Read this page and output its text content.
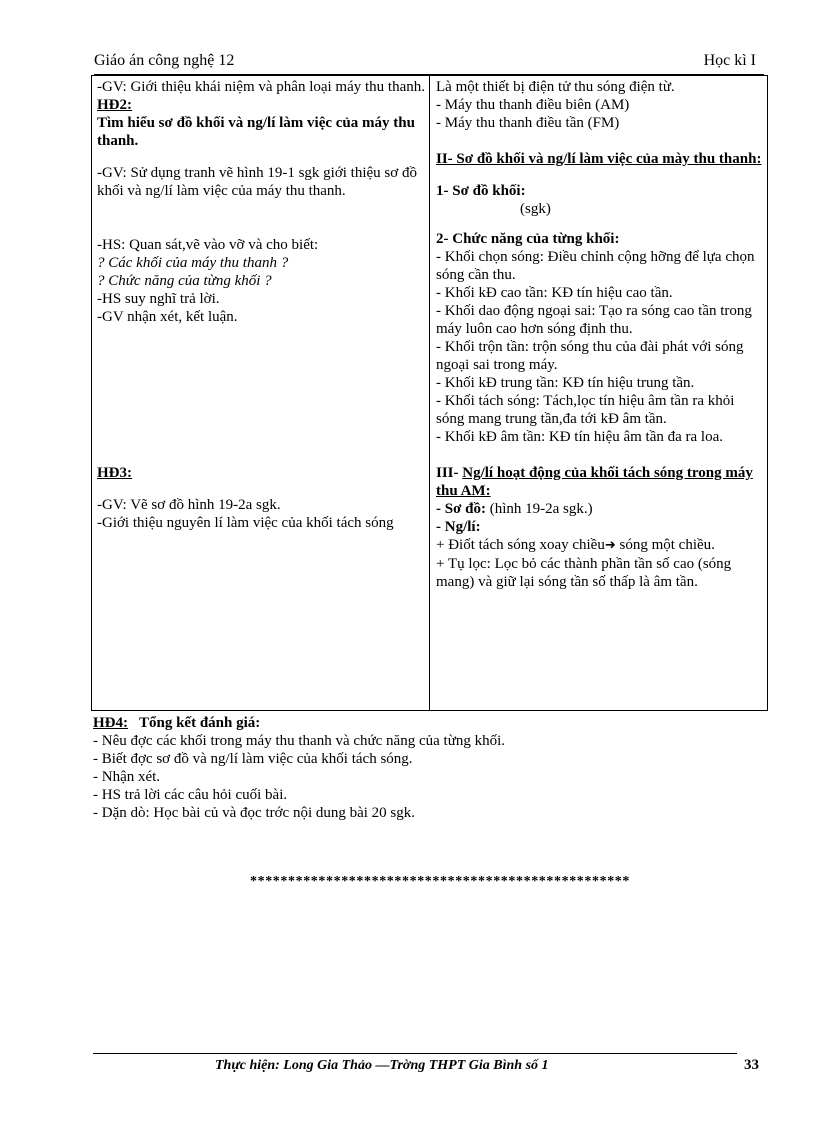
Giáo án công nghệ 12	Học kì I

-GV: Giới thiệu khái niệm và phân loại máy thu thanh.

HĐ2:

Tìm hiểu sơ đồ khối và ng/lí làm việc của máy thu thanh.

-GV: Sử dụng tranh vẽ hình 19-1 sgk giới thiệu sơ đồ khối và ng/lí làm việc của máy thu thanh.

-HS: Quan sát,vẽ vào vỡ và cho biết:

? Các khối của máy thu thanh ?

? Chức năng của từng khối ?

-HS suy nghĩ trả lời.

-GV nhận xét, kết luận.

HĐ3:

-GV: Vẽ sơ đồ hình 19-2a sgk.

-Giới thiệu nguyên lí làm việc của khối tách sóng

Là một thiết bị điện tử thu sóng điện từ.

- Máy thu thanh điều biên (AM)

- Máy thu thanh điều tần (FM)

II- Sơ đồ khối và ng/lí làm việc của mày thu thanh:

1- Sơ đồ khối:

(sgk)

2- Chức năng của từng khối:

- Khối chọn sóng: Điều chỉnh cộng hỡng để lựa chọn sóng cần thu.

- Khối kĐ cao tần: KĐ tín hiệu cao tần.

- Khối dao động ngoại sai: Tạo ra sóng cao tần trong máy luôn cao hơn sóng định thu.

- Khối trộn tần: trộn sóng thu của đài phát với sóng ngoại sai trong máy.

- Khối kĐ trung tần: KĐ tín hiệu trung tần.

- Khối tách sóng: Tách,lọc tín hiệu âm tần ra khỏi sóng mang trung tần,đa tới kĐ âm tần.

- Khối kĐ âm tần: KĐ tín hiệu âm tần đa ra loa.

III- Ng/lí hoạt động của khối tách sóng trong máy thu AM:

- Sơ đồ: (hình 19-2a sgk.)

- Ng/lí:

+ Điốt tách sóng xoay chiều➜ sóng một chiều.

+ Tụ lọc: Lọc bỏ các thành phần tần số cao (sóng mang) và giữ lại sóng tần số thấp là âm tần.

HĐ4: Tổng kết đánh giá:

- Nêu đợc các khối trong máy thu thanh và chức năng của từng khối.

- Biết đợc sơ đồ và ng/lí làm việc của khối tách sóng.

- Nhận xét.

- HS trả lời các câu hỏi cuối bài.

- Dặn dò: Học bài củ và đọc trớc nội dung bài 20 sgk.

**************************************************
Thực hiện: Long Gia Thảo —Trờng THPT Gia Bình số 1	33
